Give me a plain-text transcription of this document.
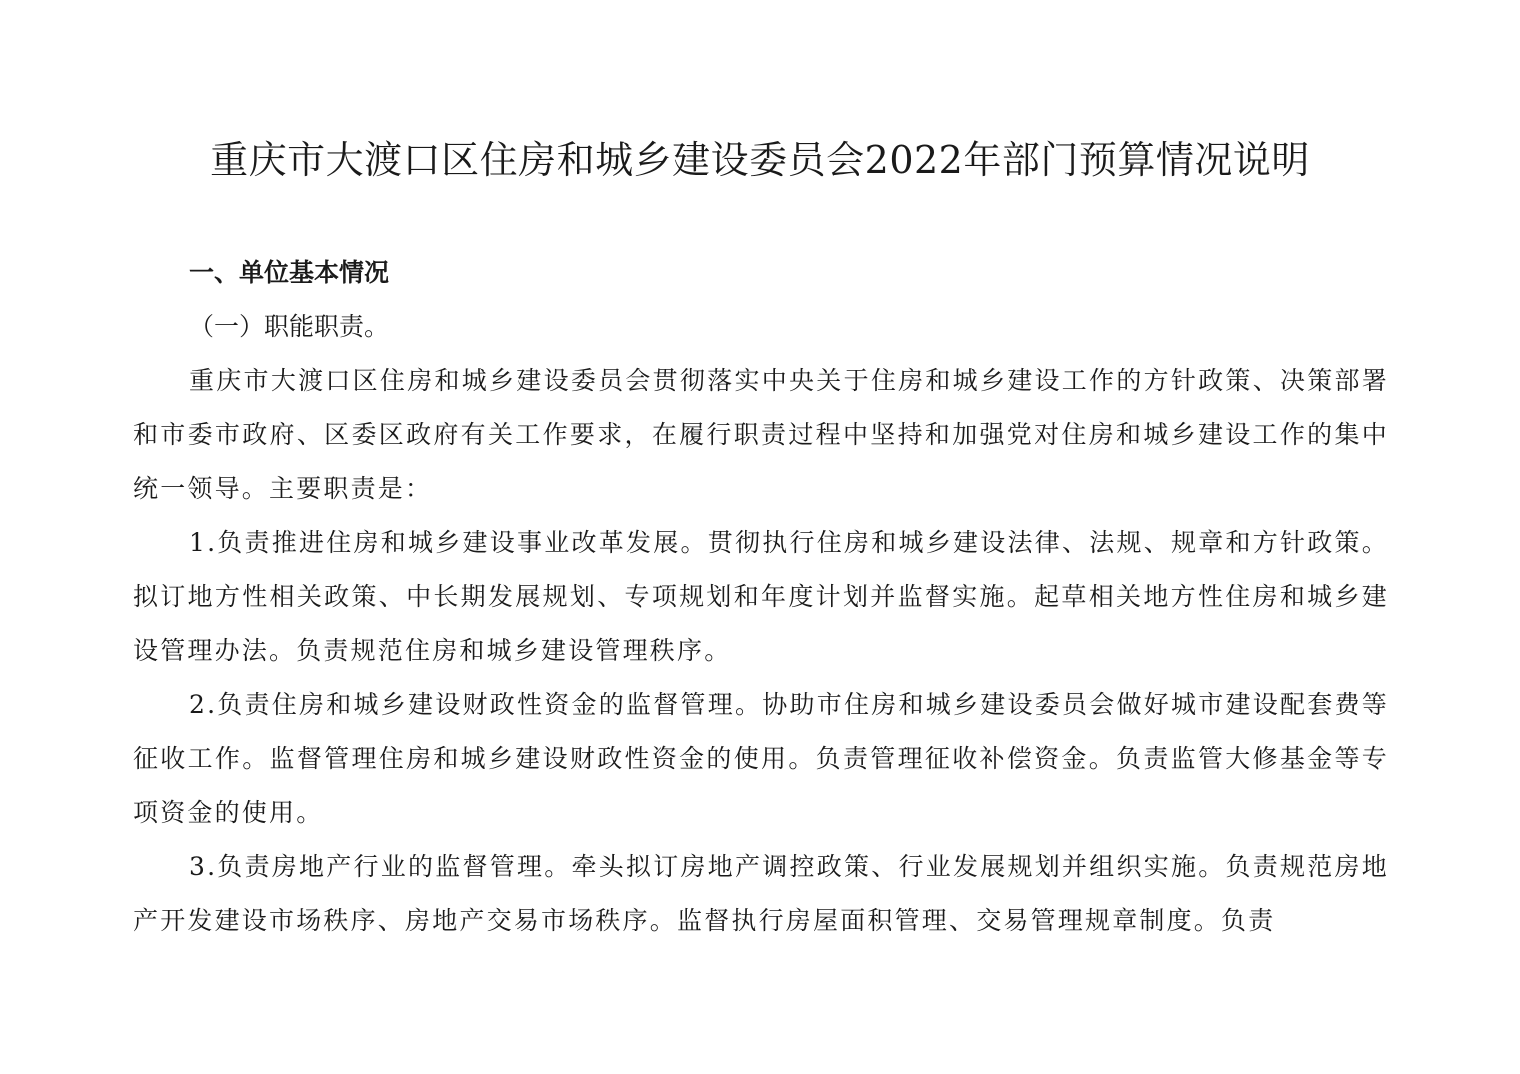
重庆市大渡口区住房和城乡建设委员会2022年部门预算情况说明
一、单位基本情况
（一）职能职责。

重庆市大渡口区住房和城乡建设委员会贯彻落实中央关于住房和城乡建设工作的方针政策、决策部署和市委市政府、区委区政府有关工作要求，在履行职责过程中坚持和加强党对住房和城乡建设工作的集中统一领导。主要职责是：

1.负责推进住房和城乡建设事业改革发展。贯彻执行住房和城乡建设法律、法规、规章和方针政策。拟订地方性相关政策、中长期发展规划、专项规划和年度计划并监督实施。起草相关地方性住房和城乡建设管理办法。负责规范住房和城乡建设管理秩序。

2.负责住房和城乡建设财政性资金的监督管理。协助市住房和城乡建设委员会做好城市建设配套费等征收工作。监督管理住房和城乡建设财政性资金的使用。负责管理征收补偿资金。负责监管大修基金等专项资金的使用。

3.负责房地产行业的监督管理。牵头拟订房地产调控政策、行业发展规划并组织实施。负责规范房地产开发建设市场秩序、房地产交易市场秩序。监督执行房屋面积管理、交易管理规章制度。负责
